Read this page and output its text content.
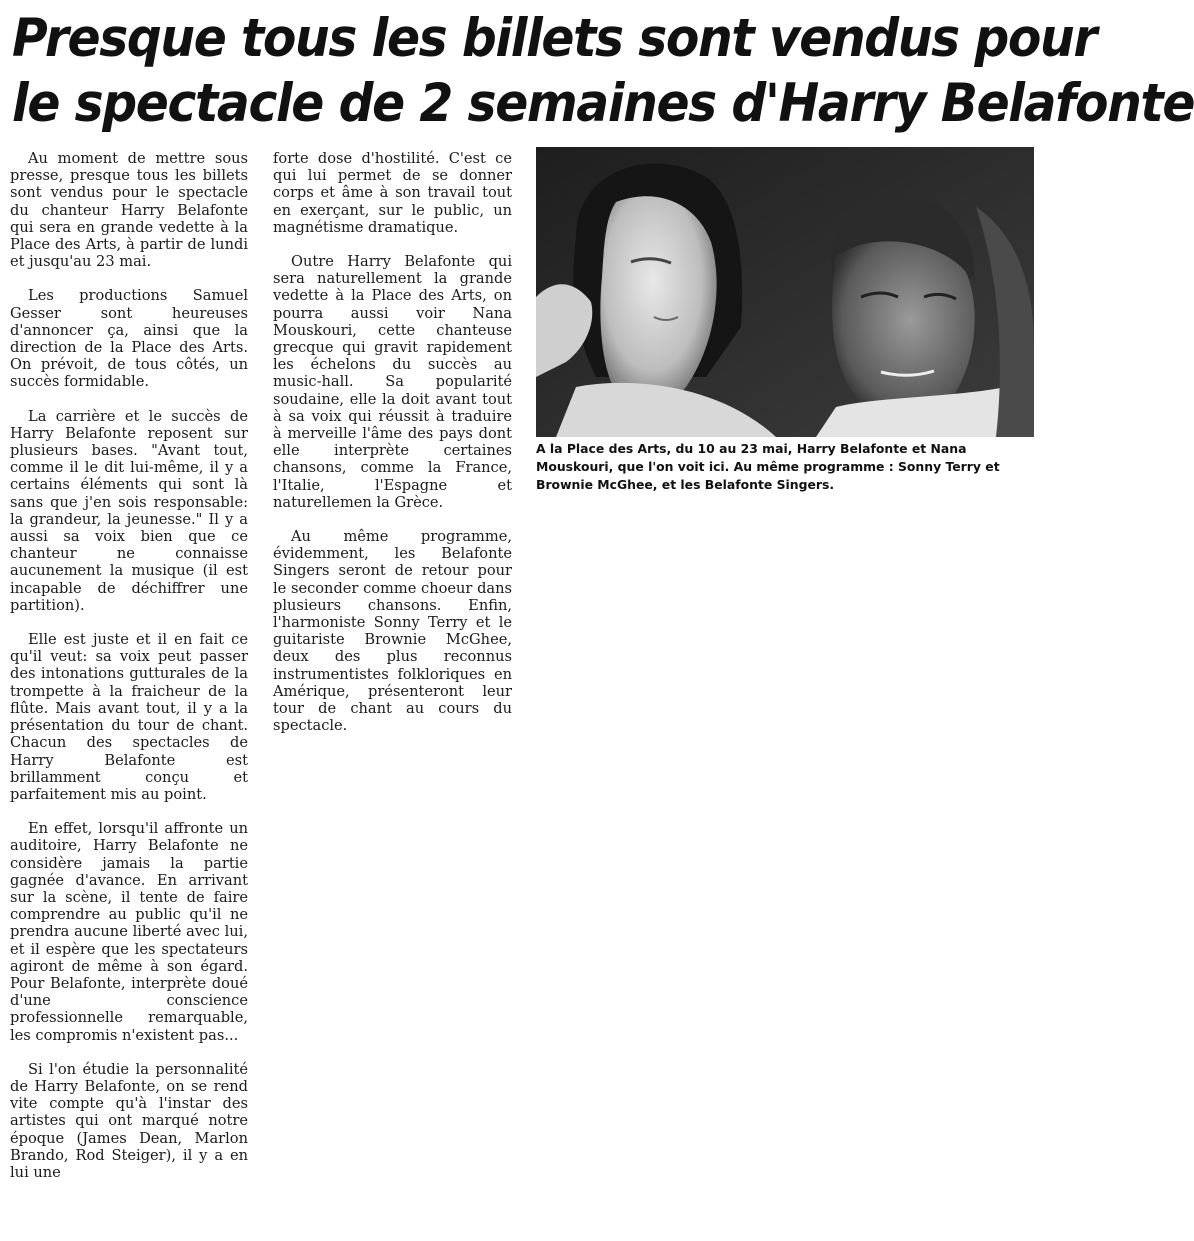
Presque tous les billets sont vendus pour
le spectacle de 2 semaines d'Harry Belafonte

Au moment de mettre sous presse, presque tous les billets sont vendus pour le spectacle du chanteur Harry Belafonte qui sera en grande vedette à la Place des Arts, à partir de lundi et jusqu'au 23 mai.

Les productions Samuel Gesser sont heureuses d'annoncer ça, ainsi que la direction de la Place des Arts. On prévoit, de tous côtés, un succès formidable.

La carrière et le succès de Harry Belafonte reposent sur plusieurs bases. "Avant tout, comme il le dit lui-même, il y a certains éléments qui sont là sans que j'en sois responsable: la grandeur, la jeunesse." Il y a aussi sa voix bien que ce chanteur ne connaisse aucunement la musique (il est incapable de déchiffrer une partition).

Elle est juste et il en fait ce qu'il veut: sa voix peut passer des intonations gutturales de la trompette à la fraicheur de la flûte. Mais avant tout, il y a la présentation du tour de chant. Chacun des spectacles de Harry Belafonte est brillamment conçu et parfaitement mis au point.

En effet, lorsqu'il affronte un auditoire, Harry Belafonte ne considère jamais la partie gagnée d'avance. En arrivant sur la scène, il tente de faire comprendre au public qu'il ne prendra aucune liberté avec lui, et il espère que les spectateurs agiront de même à son égard. Pour Belafonte, interprète doué d'une conscience professionnelle remarquable, les compromis n'existent pas...

Si l'on étudie la personnalité de Harry Belafonte, on se rend vite compte qu'à l'instar des artistes qui ont marqué notre époque (James Dean, Marlon Brando, Rod Steiger), il y a en lui une

forte dose d'hostilité. C'est ce qui lui permet de se donner corps et âme à son travail tout en exerçant, sur le public, un magnétisme dramatique.

Outre Harry Belafonte qui sera naturellement la grande vedette à la Place des Arts, on pourra aussi voir Nana Mouskouri, cette chanteuse grecque qui gravit rapidement les échelons du succès au music-hall. Sa popularité soudaine, elle la doit avant tout à sa voix qui réussit à traduire à merveille l'âme des pays dont elle interprète certaines chansons, comme la France, l'Italie, l'Espagne et naturellemen la Grèce.

Au même programme, évidemment, les Belafonte Singers seront de retour pour le seconder comme choeur dans plusieurs chansons. Enfin, l'harmoniste Sonny Terry et le guitariste Brownie McGhee, deux des plus reconnus instrumentistes folkloriques en Amérique, présenteront leur tour de chant au cours du spectacle.

A la Place des Arts, du 10 au 23 mai, Harry Belafonte et Nana Mouskouri, que l'on voit ici. Au même programme : Sonny Terry et Brownie McGhee, et les Belafonte Singers.
